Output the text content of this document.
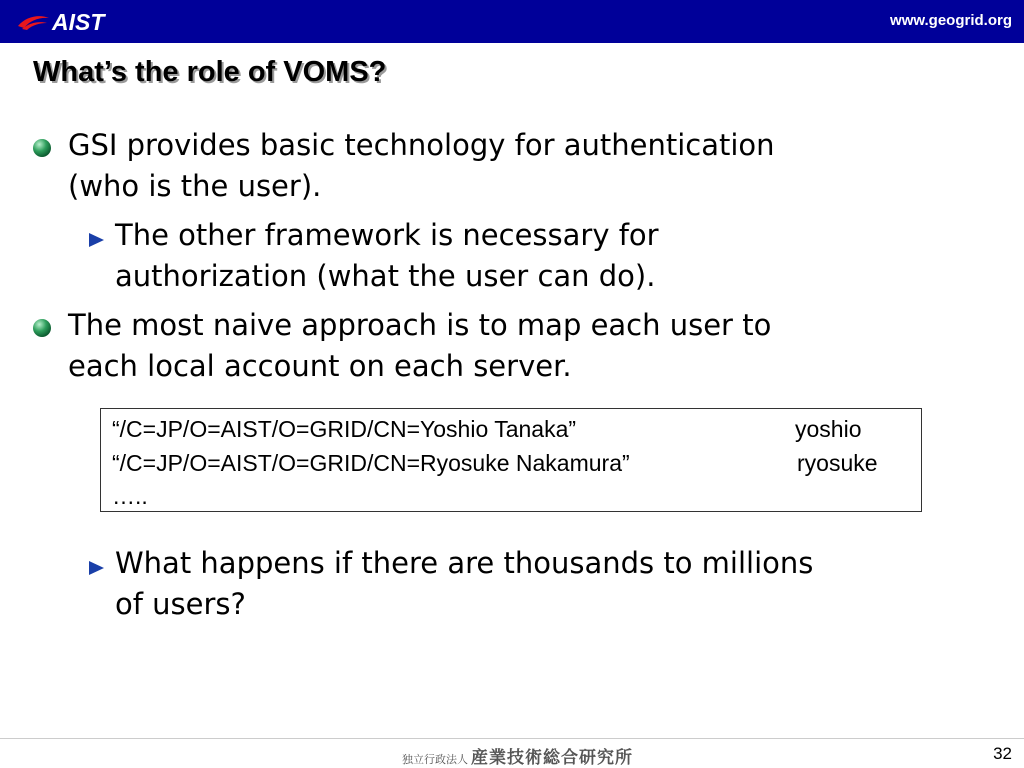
AIST	www.geogrid.org
What’s the role of VOMS?
GSI provides basic technology for authentication
(who is the user).
The other framework is necessary for
authorization (what the user can do).
The most naive approach is to map each user to
each local account on each server.
“/C=JP/O=AIST/O=GRID/CN=Yoshio Tanaka”	yoshio
“/C=JP/O=AIST/O=GRID/CN=Ryosuke Nakamura”	ryosuke
…..
What happens if there are thousands to millions
of users?
独立行政法人 産業技術総合研究所	32
